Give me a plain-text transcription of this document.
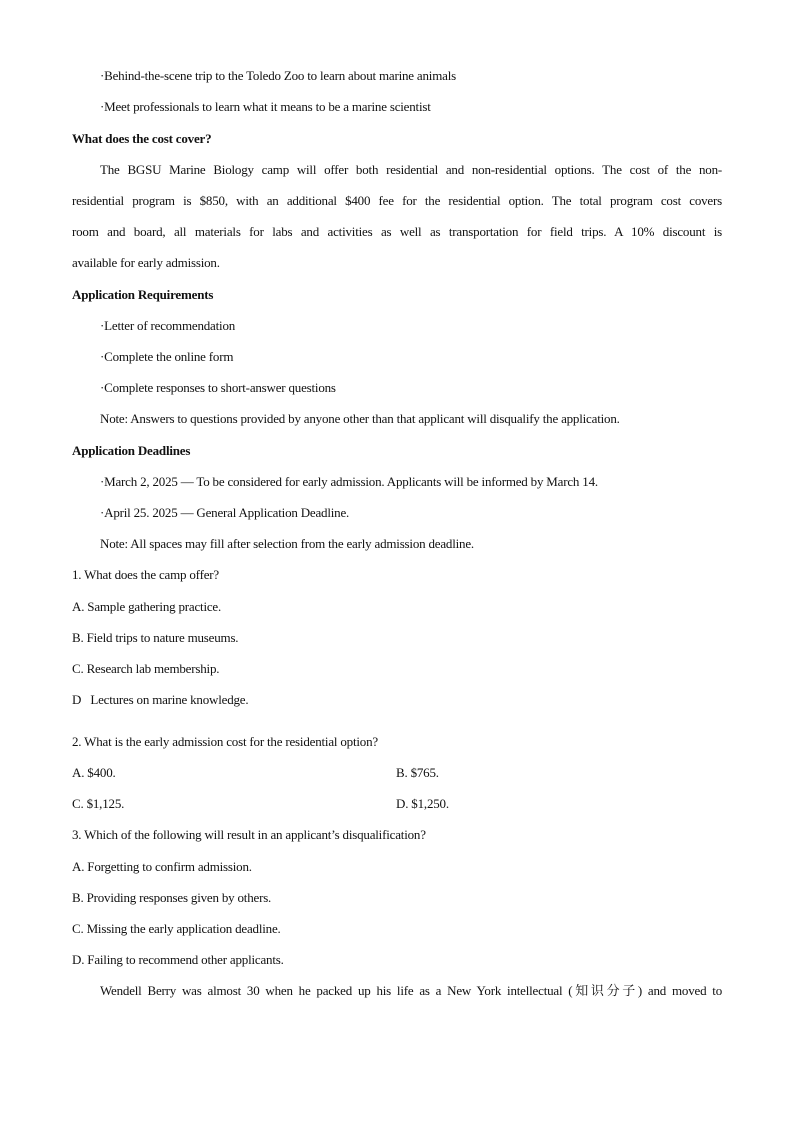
·Behind-the-scene trip to the Toledo Zoo to learn about marine animals
·Meet professionals to learn what it means to be a marine scientist
What does the cost cover?
The BGSU Marine Biology camp will offer both residential and non-residential options. The cost of the non-
residential program is $850, with an additional $400 fee for the residential option. The total program cost covers
room and board, all materials for labs and activities as well as transportation for field trips. A 10% discount is
available for early admission.
Application Requirements
·Letter of recommendation
·Complete the online form
·Complete responses to short-answer questions
Note: Answers to questions provided by anyone other than that applicant will disqualify the application.
Application Deadlines
·March 2, 2025 — To be considered for early admission. Applicants will be informed by March 14.
·April 25. 2025 — General Application Deadline.
Note: All spaces may fill after selection from the early admission deadline.
1. What does the camp offer?
A. Sample gathering practice.
B. Field trips to nature museums.
C. Research lab membership.
D   Lectures on marine knowledge.
2. What is the early admission cost for the residential option?
A. $400.	B. $765.
C. $1,125.	D. $1,250.
3. Which of the following will result in an applicant’s disqualification?
A. Forgetting to confirm admission.
B. Providing responses given by others.
C. Missing the early application deadline.
D. Failing to recommend other applicants.
Wendell Berry was almost 30 when he packed up his life as a New York intellectual (知识分子) and moved to
